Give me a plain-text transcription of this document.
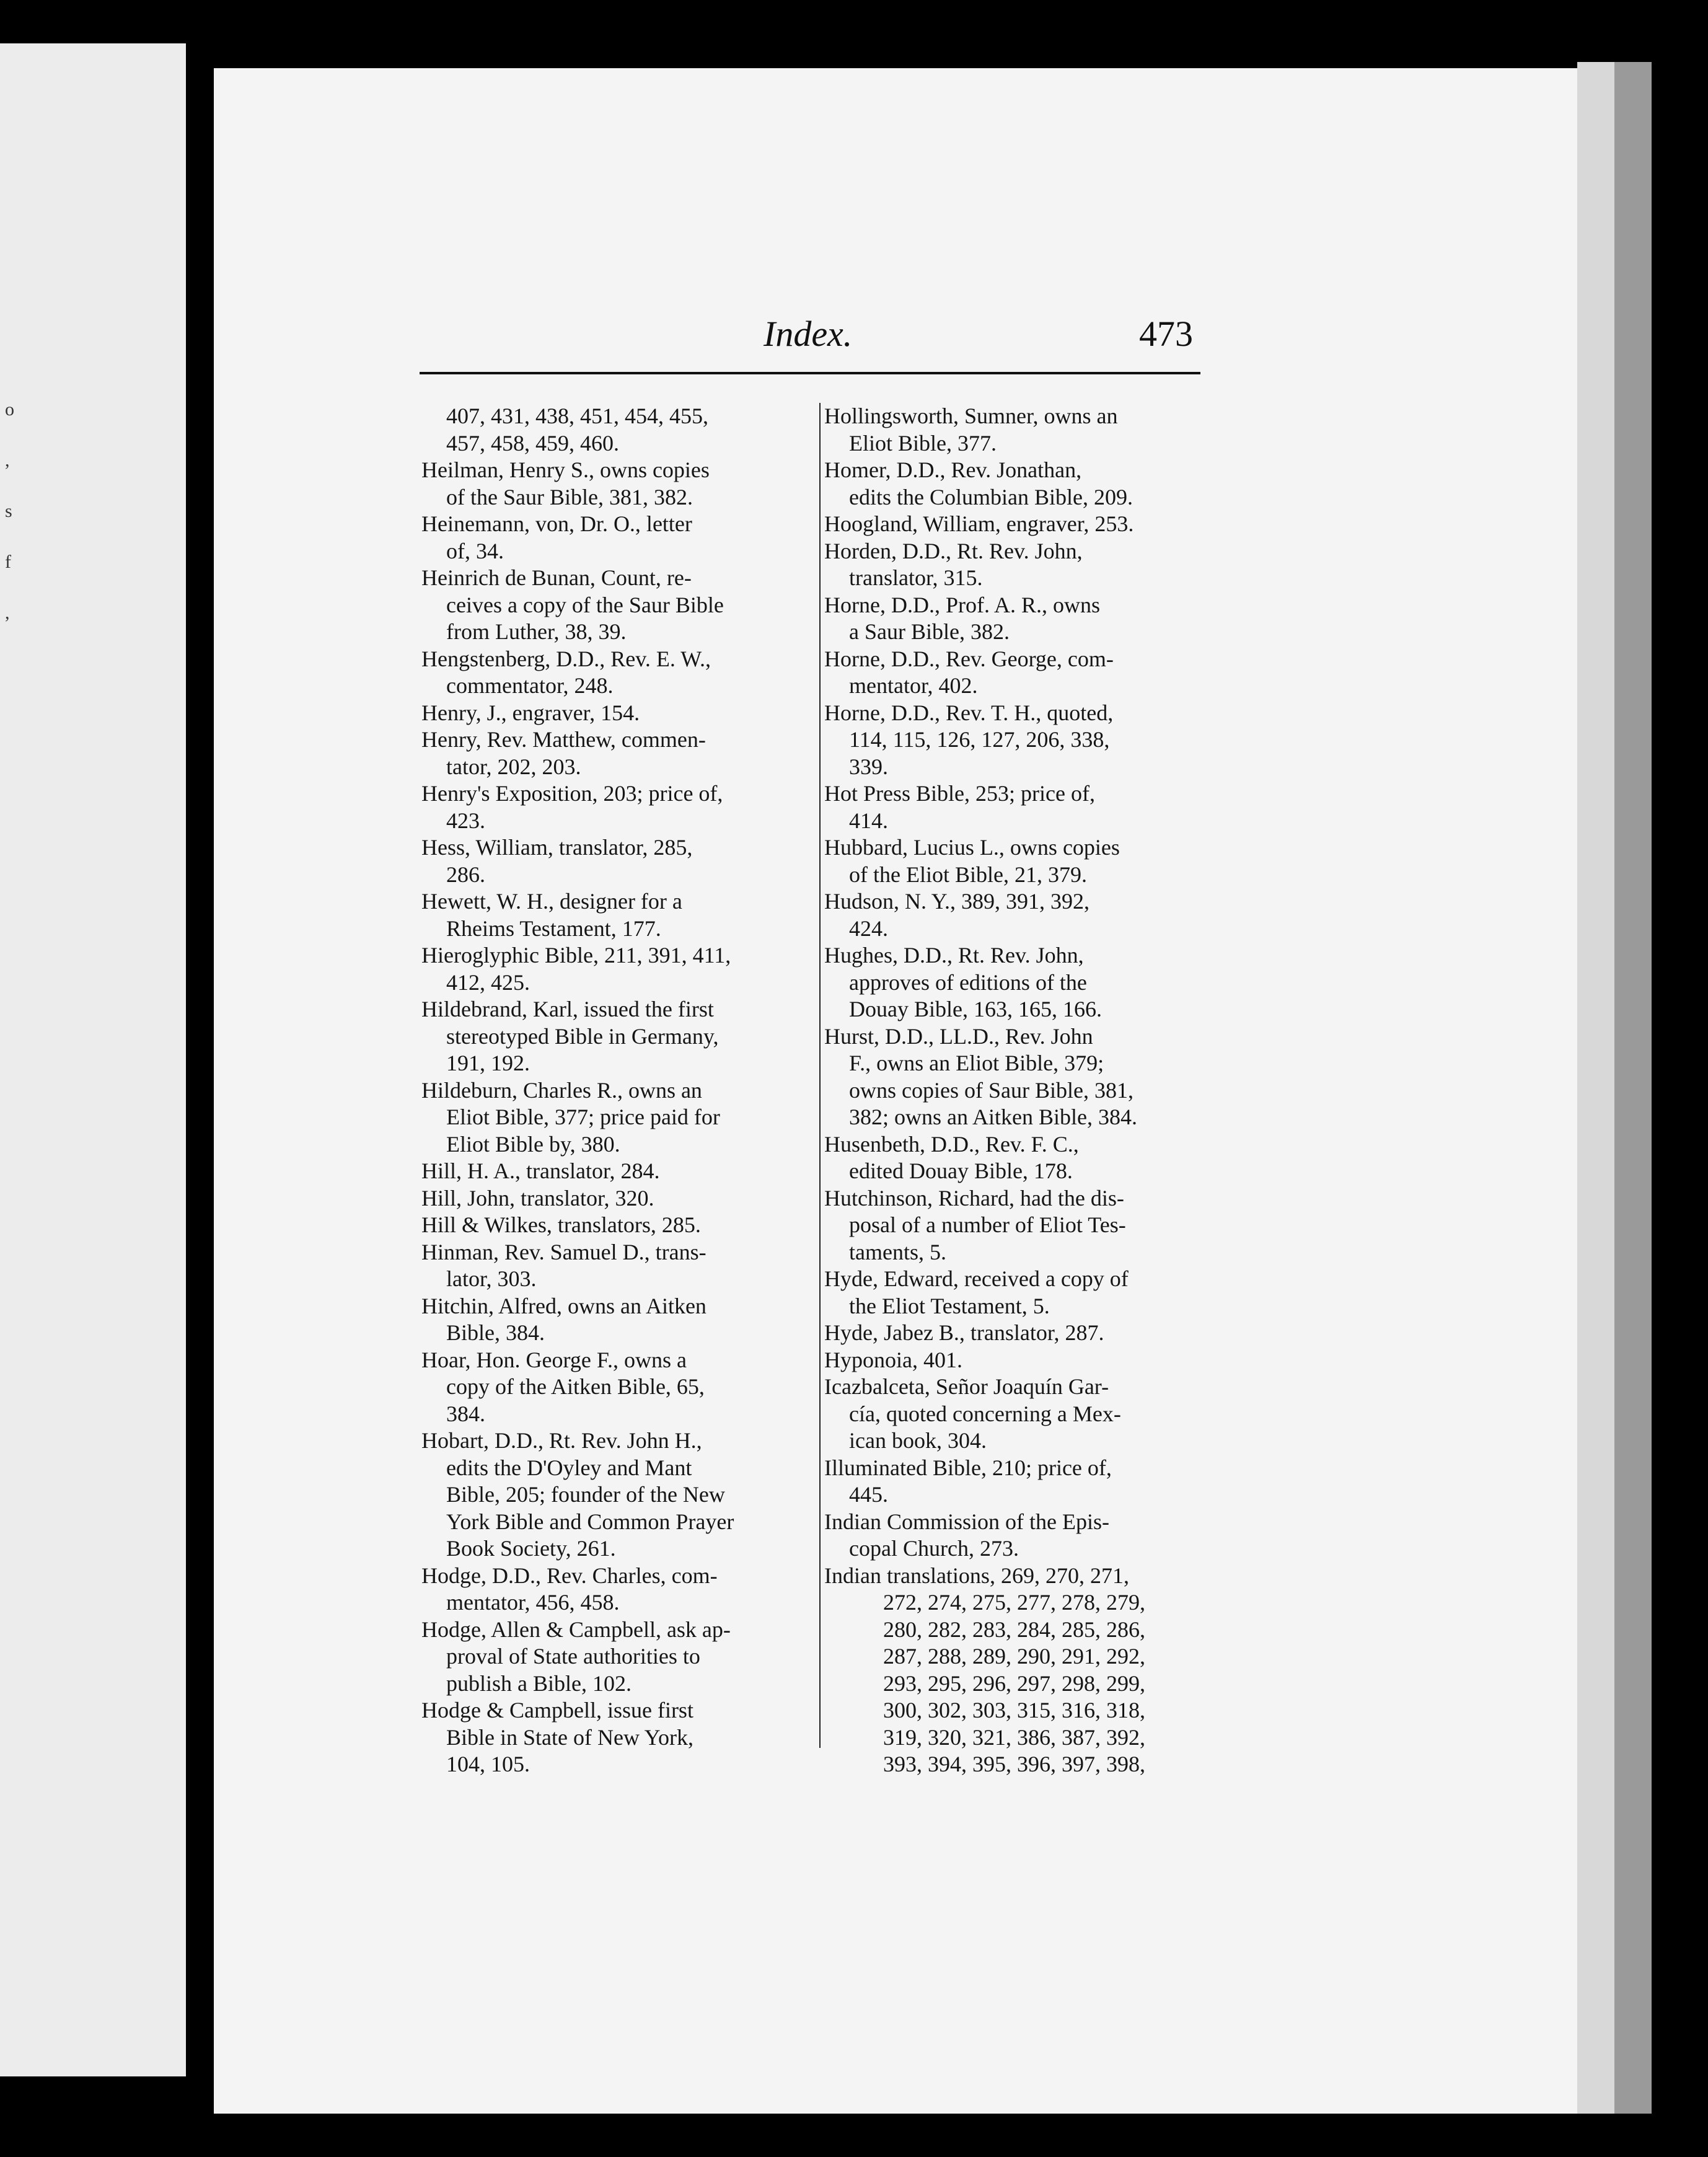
o
,
s
f
,
Index.	473
407, 431, 438, 451, 454, 455,
457, 458, 459, 460.
Heilman, Henry S., owns copies
of the Saur Bible, 381, 382.
Heinemann, von, Dr. O., letter
of, 34.
Heinrich de Bunan, Count, re-
ceives a copy of the Saur Bible
from Luther, 38, 39.
Hengstenberg, D.D., Rev. E. W.,
commentator, 248.
Henry, J., engraver, 154.
Henry, Rev. Matthew, commen-
tator, 202, 203.
Henry's Exposition, 203; price of,
423.
Hess, William, translator, 285,
286.
Hewett, W. H., designer for a
Rheims Testament, 177.
Hieroglyphic Bible, 211, 391, 411,
412, 425.
Hildebrand, Karl, issued the first
stereotyped Bible in Germany,
191, 192.
Hildeburn, Charles R., owns an
Eliot Bible, 377; price paid for
Eliot Bible by, 380.
Hill, H. A., translator, 284.
Hill, John, translator, 320.
Hill & Wilkes, translators, 285.
Hinman, Rev. Samuel D., trans-
lator, 303.
Hitchin, Alfred, owns an Aitken
Bible, 384.
Hoar, Hon. George F., owns a
copy of the Aitken Bible, 65,
384.
Hobart, D.D., Rt. Rev. John H.,
edits the D'Oyley and Mant
Bible, 205; founder of the New
York Bible and Common Prayer
Book Society, 261.
Hodge, D.D., Rev. Charles, com-
mentator, 456, 458.
Hodge, Allen & Campbell, ask ap-
proval of State authorities to
publish a Bible, 102.
Hodge & Campbell, issue first
Bible in State of New York,
104, 105.
Hollingsworth, Sumner, owns an
Eliot Bible, 377.
Homer, D.D., Rev. Jonathan,
edits the Columbian Bible, 209.
Hoogland, William, engraver, 253.
Horden, D.D., Rt. Rev. John,
translator, 315.
Horne, D.D., Prof. A. R., owns
a Saur Bible, 382.
Horne, D.D., Rev. George, com-
mentator, 402.
Horne, D.D., Rev. T. H., quoted,
114, 115, 126, 127, 206, 338,
339.
Hot Press Bible, 253; price of,
414.
Hubbard, Lucius L., owns copies
of the Eliot Bible, 21, 379.
Hudson, N. Y., 389, 391, 392,
424.
Hughes, D.D., Rt. Rev. John,
approves of editions of the
Douay Bible, 163, 165, 166.
Hurst, D.D., LL.D., Rev. John
F., owns an Eliot Bible, 379;
owns copies of Saur Bible, 381,
382; owns an Aitken Bible, 384.
Husenbeth, D.D., Rev. F. C.,
edited Douay Bible, 178.
Hutchinson, Richard, had the dis-
posal of a number of Eliot Tes-
taments, 5.
Hyde, Edward, received a copy of
the Eliot Testament, 5.
Hyde, Jabez B., translator, 287.
Hyponoia, 401.
Icazbalceta, Señor Joaquín Gar-
cía, quoted concerning a Mex-
ican book, 304.
Illuminated Bible, 210; price of,
445.
Indian Commission of the Epis-
copal Church, 273.
Indian translations, 269, 270, 271,
272, 274, 275, 277, 278, 279,
280, 282, 283, 284, 285, 286,
287, 288, 289, 290, 291, 292,
293, 295, 296, 297, 298, 299,
300, 302, 303, 315, 316, 318,
319, 320, 321, 386, 387, 392,
393, 394, 395, 396, 397, 398,
